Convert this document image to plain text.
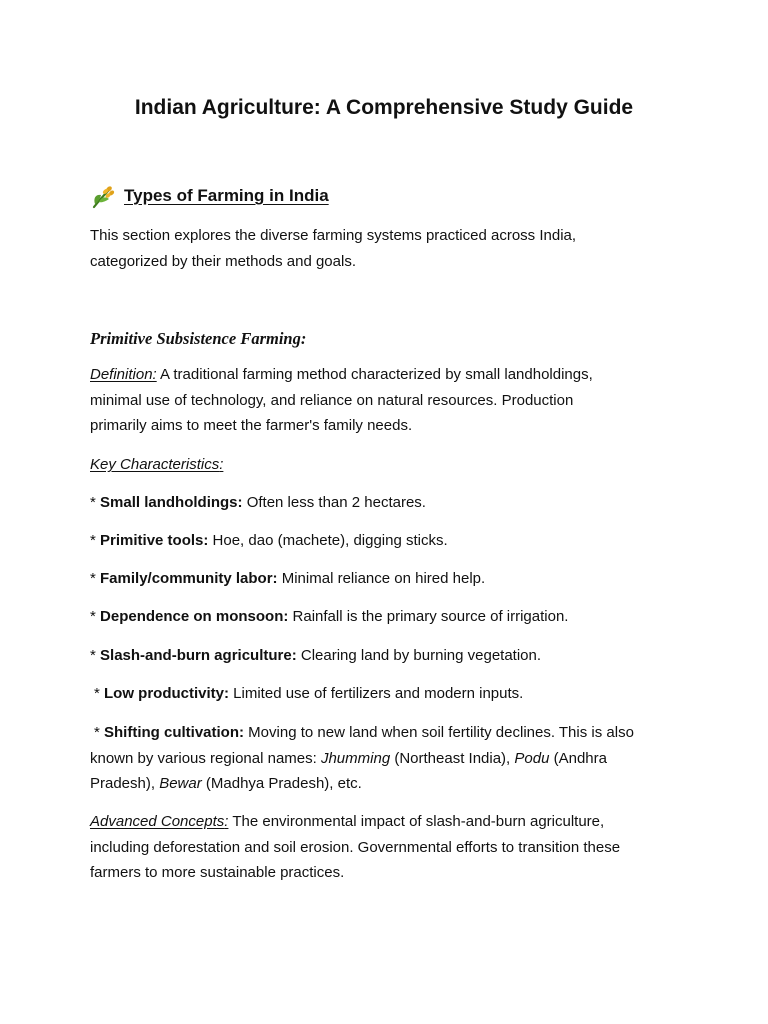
Indian Agriculture: A Comprehensive Study Guide
Types of Farming in India
This section explores the diverse farming systems practiced across India,
categorized by their methods and goals.
Primitive Subsistence Farming:
Definition: A traditional farming method characterized by small landholdings,
minimal use of technology, and reliance on natural resources. Production
primarily aims to meet the farmer's family needs.
Key Characteristics:
* Small landholdings: Often less than 2 hectares.
* Primitive tools: Hoe, dao (machete), digging sticks.
* Family/community labor: Minimal reliance on hired help.
* Dependence on monsoon: Rainfall is the primary source of irrigation.
* Slash-and-burn agriculture: Clearing land by burning vegetation.
* Low productivity: Limited use of fertilizers and modern inputs.
* Shifting cultivation: Moving to new land when soil fertility declines. This is also
known by various regional names: Jhumming (Northeast India), Podu (Andhra
Pradesh), Bewar (Madhya Pradesh), etc.
Advanced Concepts: The environmental impact of slash-and-burn agriculture,
including deforestation and soil erosion. Governmental efforts to transition these
farmers to more sustainable practices.
